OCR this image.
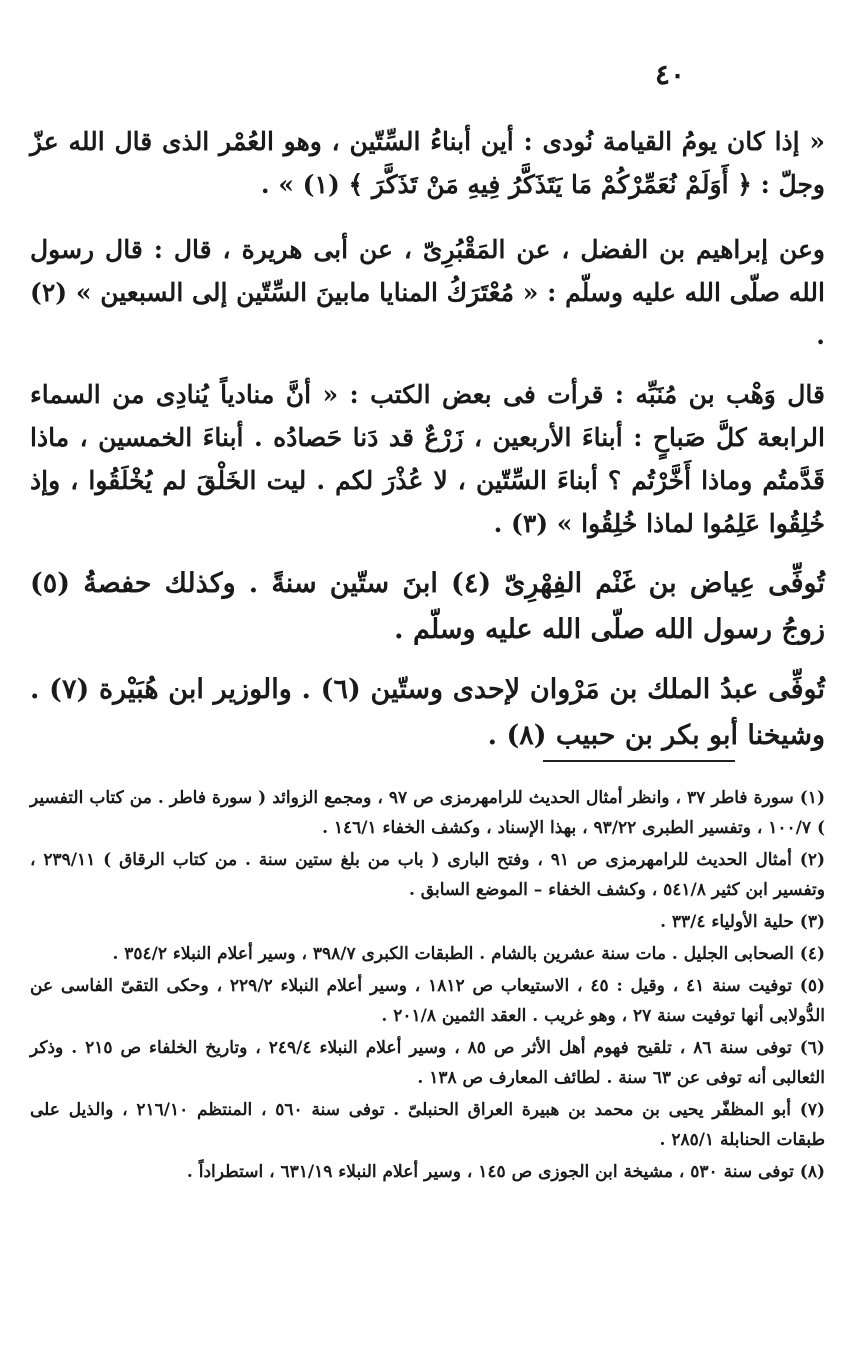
٤٠

« إذا كان يومُ القيامة نُودى : أين أبناءُ السِّتّين ، وهو العُمْر الذى قال الله عزّ وجلّ : ﴿ أَوَلَمْ نُعَمِّرْكُمْ مَا يَتَذَكَّرُ فِيهِ مَنْ تَذَكَّرَ ﴾ (١) » .

وعن إبراهيم بن الفضل ، عن المَقْبُرِىّ ، عن أبى هريرة ، قال : قال رسول الله صلّى الله عليه وسلّم : « مُعْتَرَكُ المنايا مابينَ السِّتّين إلى السبعين » (٢) .

قال وَهْب بن مُنَبِّه : قرأت فى بعض الكتب : « أنَّ منادياً يُنادِى من السماء الرابعة كلَّ صَباحٍ : أبناءَ الأربعين ، زَرْعٌ قد دَنا حَصادُه . أبناءَ الخمسين ، ماذا قَدَّمتُم وماذا أَخَّرْتُم ؟ أبناءَ السِّتّين ، لا عُذْرَ لكم . ليت الخَلْقَ لم يُخْلَقُوا ، وإذ خُلِقُوا عَلِمُوا لماذا خُلِقُوا » (٣) .

تُوفِّى عِياض بن غَنْم الفِهْرِىّ (٤) ابنَ ستّين سنةً . وكذلك حفصةُ (٥) زوجُ رسول الله صلّى الله عليه وسلّم .

تُوفِّى عبدُ الملك بن مَرْوان لإحدى وستّين (٦) . والوزير ابن هُبَيْرة (٧) . وشيخنا أبو بكر بن حبيب (٨) .

(١) سورة فاطر ٣٧ ، وانظر أمثال الحديث للرامهرمزى ص ٩٧ ، ومجمع الزوائد ( سورة فاطر . من كتاب التفسير ) ١٠٠/٧ ، وتفسير الطبرى ٩٣/٢٢ ، بهذا الإسناد ، وكشف الخفاء ١٤٦/١ .
(٢) أمثال الحديث للرامهرمزى ص ٩١ ، وفتح البارى ( باب من بلغ ستين سنة . من كتاب الرقاق ) ٢٣٩/١١ ، وتفسير ابن كثير ٥٤١/٨ ، وكشف الخفاء – الموضع السابق .
(٣) حلية الأولياء ٣٣/٤ .
(٤) الصحابى الجليل . مات سنة عشرين بالشام . الطبقات الكبرى ٣٩٨/٧ ، وسير أعلام النبلاء ٣٥٤/٢ .
(٥) توفيت سنة ٤١ ، وقيل : ٤٥ ، الاستيعاب ص ١٨١٢ ، وسير أعلام النبلاء ٢٢٩/٢ ، وحكى التقىّ الفاسى عن الدُّولابى أنها توفيت سنة ٢٧ ، وهو غريب . العقد الثمين ٢٠١/٨ .
(٦) توفى سنة ٨٦ ، تلقيح فهوم أهل الأثر ص ٨٥ ، وسير أعلام النبلاء ٢٤٩/٤ ، وتاريخ الخلفاء ص ٢١٥ . وذكر الثعالبى أنه توفى عن ٦٣ سنة . لطائف المعارف ص ١٣٨ .
(٧) أبو المظفّر يحيى بن محمد بن هبيرة العراق الحنبلىّ . توفى سنة ٥٦٠ ، المنتظم ٢١٦/١٠ ، والذيل على طبقات الحنابلة ٢٨٥/١ .
(٨) توفى سنة ٥٣٠ ، مشيخة ابن الجوزى ص ١٤٥ ، وسير أعلام النبلاء ٦٣١/١٩ ، استطراداً .
